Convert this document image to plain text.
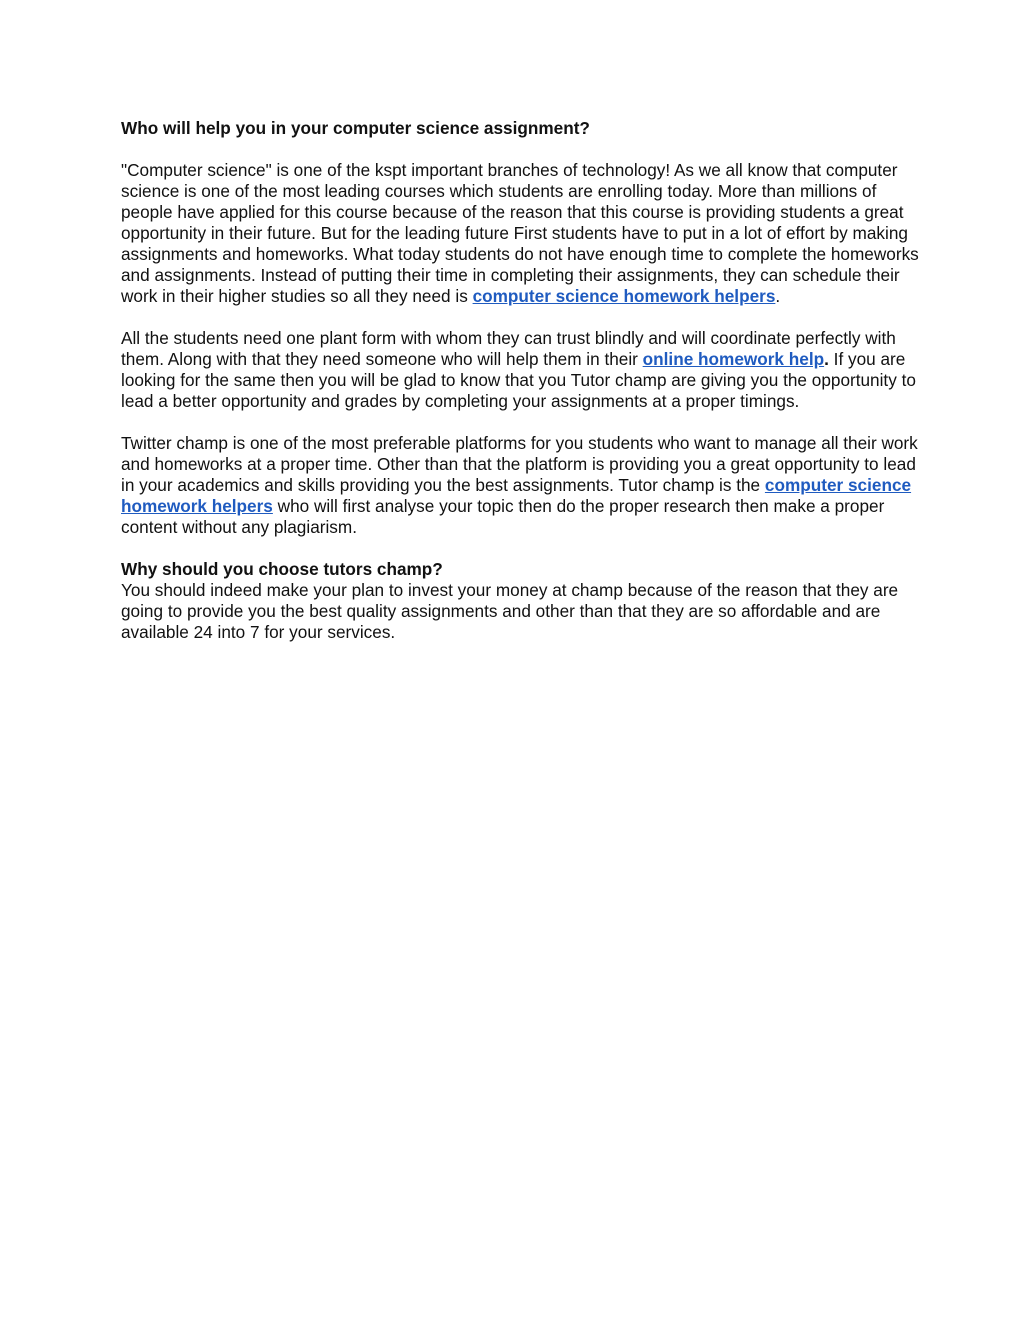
Who will help you in your computer science assignment?

"Computer science" is one of the kspt important branches of technology! As we all know that computer science is one of the most leading courses which students are enrolling today. More than millions of people have applied for this course because of the reason that this course is providing students a great opportunity in their future. But for the leading future First students have to put in a lot of effort by making assignments and homeworks. What today students do not have enough time to complete the homeworks and assignments. Instead of putting their time in completing their assignments, they can schedule their work in their higher studies so all they need is computer science homework helpers.

All the students need one plant form with whom they can trust blindly and will coordinate perfectly with them. Along with that they need someone who will help them in their online homework help. If you are looking for the same then you will be glad to know that you Tutor champ are giving you the opportunity to lead a better opportunity and grades by completing your assignments at a proper timings.

Twitter champ is one of the most preferable platforms for you students who want to manage all their work and homeworks at a proper time. Other than that the platform is providing you a great opportunity to lead in your academics and skills providing you the best assignments. Tutor champ is the computer science homework helpers who will first analyse your topic then do the proper research then make a proper content without any plagiarism.

Why should you choose tutors champ?

You should indeed make your plan to invest your money at champ because of the reason that they are going to provide you the best quality assignments and other than that they are so affordable and are available 24 into 7 for your services.
